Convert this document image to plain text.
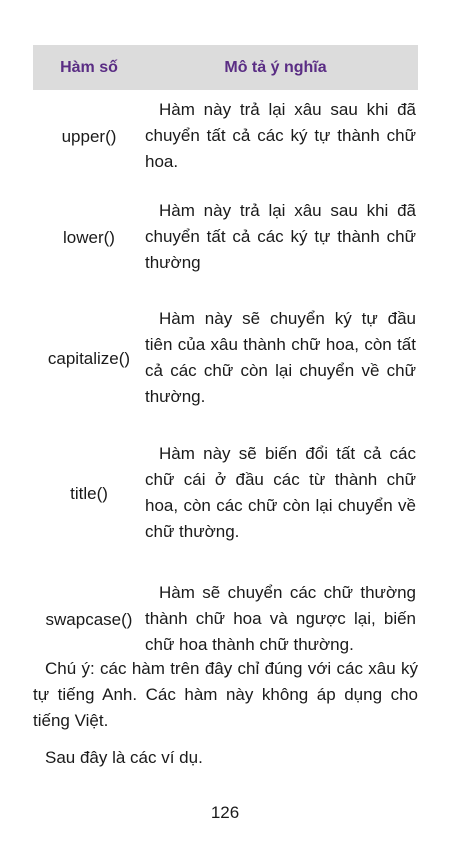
Hàm số	Mô tả ý nghĩa
upper()
Hàm này trả lại xâu sau khi đã chuyển tất cả các ký tự thành chữ hoa.
lower()
Hàm này trả lại xâu sau khi đã chuyển tất cả các ký tự thành chữ thường
capitalize()
Hàm này sẽ chuyển ký tự đầu tiên của xâu thành chữ hoa, còn tất cả các chữ còn lại chuyển về chữ thường.
title()
Hàm này sẽ biến đổi tất cả các chữ cái ở đầu các từ thành chữ hoa, còn các chữ còn lại chuyển về chữ thường.
swapcase()
Hàm sẽ chuyển các chữ thường thành chữ hoa và ngược lại, biến chữ hoa thành chữ thường.
Chú ý: các hàm trên đây chỉ đúng với các xâu ký tự tiếng Anh. Các hàm này không áp dụng cho tiếng Việt.
Sau đây là các ví dụ.
126
